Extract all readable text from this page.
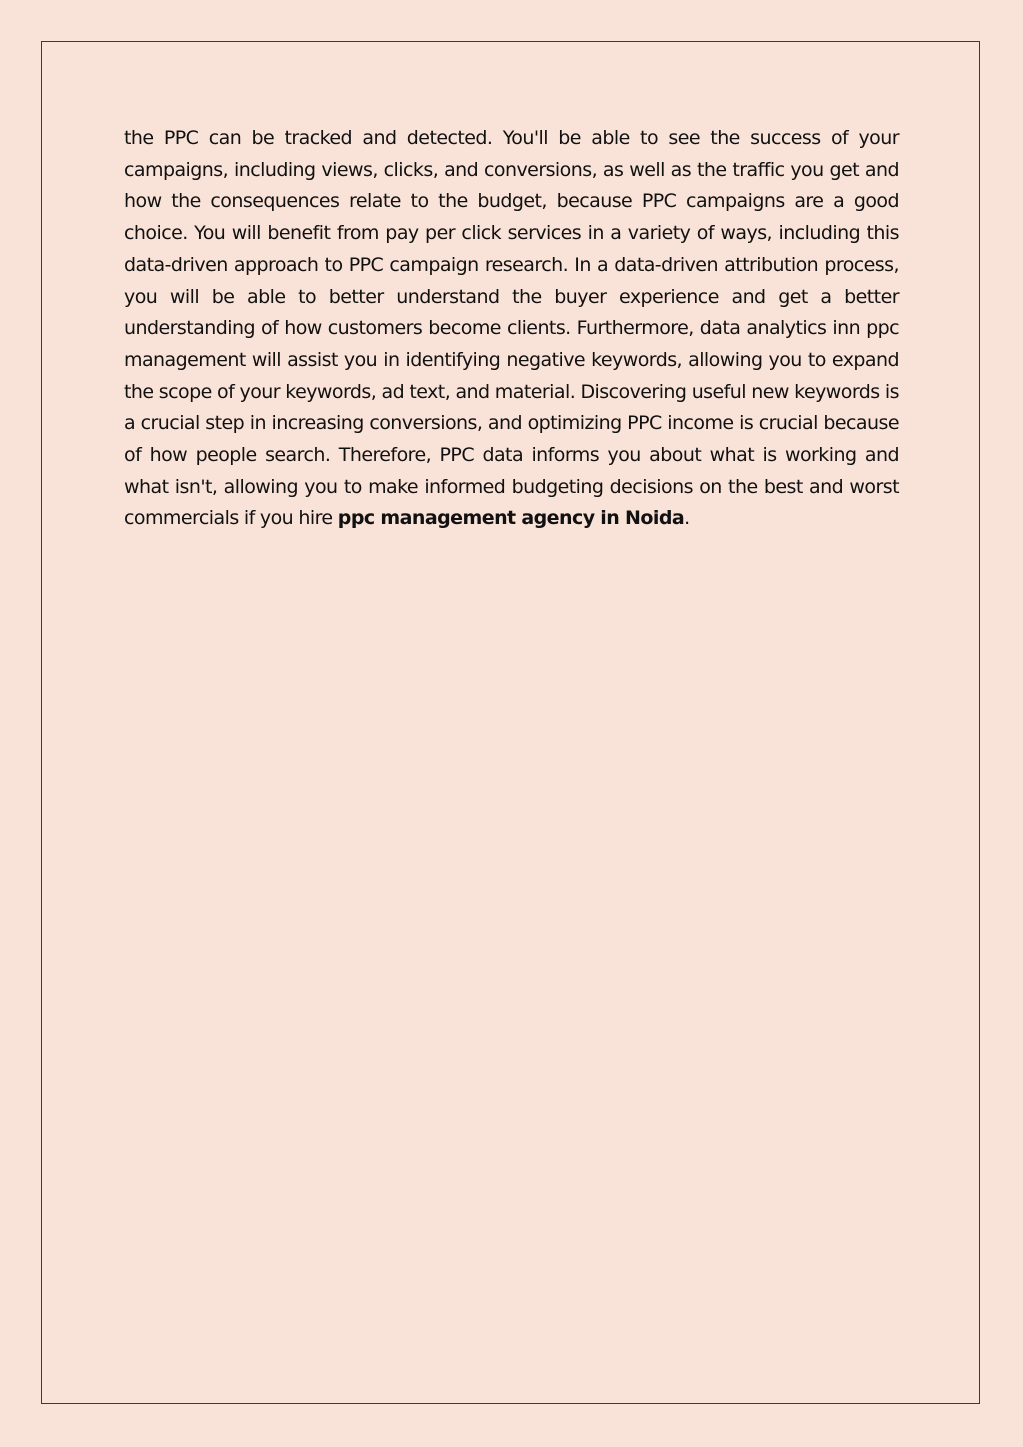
the PPC can be tracked and detected. You'll be able to see the success of your campaigns, including views, clicks, and conversions, as well as the traffic you get and how the consequences relate to the budget, because PPC campaigns are a good choice. You will benefit from pay per click services in a variety of ways, including this data-driven approach to PPC campaign research. In a data-driven attribution process, you will be able to better understand the buyer experience and get a better understanding of how customers become clients. Furthermore, data analytics inn ppc management will assist you in identifying negative keywords, allowing you to expand the scope of your keywords, ad text, and material. Discovering useful new keywords is a crucial step in increasing conversions, and optimizing PPC income is crucial because of how people search. Therefore, PPC data informs you about what is working and what isn't, allowing you to make informed budgeting decisions on the best and worst commercials if you hire ppc management agency in Noida.
